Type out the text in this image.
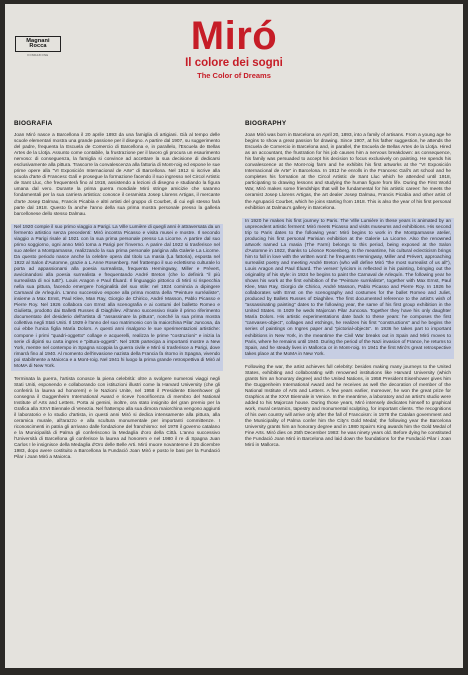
Magnani Rocca
FONDAZIONE	Miró
Il colore dei sogni
The Color of Dreams
BIOGRAFIA

Joan Miró nasce a Barcellona il 20 aprile 1893 da una famiglia di artigiani. Già al tempo delle scuole elementari mostra una grande passione per il disegno. A partire dal 1907, su suggerimento del padre, frequenta la Escuela de Comercio di Barcellona e, in parallelo, l'Escuela de Bellas Artes de la Llotja. Assunto come contabile, la frustrazione per il lavoro gli procura un esaurimento nervoso: di conseguenza, la famiglia si convince ad accettare la sua decisione di dedicarsi esclusivamente alla pittura. Trascorre la convalescenza alla fattoria di Mont-roig ed espone le sue prime opere alla "VI Exposición Internacional de Arte" di Barcellona. Nel 1912 si iscrive alla scuola d'arte di Francesc Galí e prosegue la formazione facendo il suo ingresso nel Circol Artistic de Sant Lluc, che frequenterà fino al 1918, assistendo a lezioni di disegno e studiando la figura umana dal vero. Durante la prima guerra mondiale Miró stringe amicizie che saranno fondamentali per la sua carriera artistica: conosce il ceramista Josep Llorens Artigas, il mercante d'arte Josep Dalmau, Francis Picabia e altri artisti del gruppo di Courbet, di cui egli stesso farà parte dal 1918. Questo fa anche l'anno della sua prima mostra personale presso la galleria barcellonese dello stesso Dalmau.

Nel 1920 compie il suo primo viaggio a Parigi. La Ville Lumière di quegli anni è attraversata da un fermento artistico senza precedenti: Miró incontra Picasso e visita musei e mostre. Il secondo viaggio a Parigi risale al 1921 con la sua prima personale presso La Licorne. A partire dal suo primo soggiorno, ogni anno Miró torna a Parigi per l'inverno. A parire dal 1922 si trasferisce nel suo atelier a Montparnasse, realizzando la sua prima personale parigina alla Galerie La Licorne. Da questo periodo nasce anche la celebre opera dal titolo La masia (La fattoria), esposta nel 1922 al Salon d'Automne, grazie a L.Anne Rosenberg. Nel frattempo il suo eclettismo culturale lo porta ad appassionarsi alla poesia surrealista, frequenta Hemingway, Miller e Prévert, avvicinandosi alla poesia surrealista e frequentando André Breton (che lo definirà "il più surrealista di noi tutti"). Louis Aragon e Paul Éluard. Il linguaggio pittorico di Miró si rispecchia nella sua pittura, facendo emergere l'originalità del suo stile: nel 1924 comincia a dipingere Carnaval de Arlequín. L'anno successivo espone alla prima mostra della "Peinture surréaliste", insieme a Max Ernst, Paul Klee, Man Ray, Giorgio de Chirico, André Masson, Pablo Picasso e Pierre Roy. Nel 1926 collabora con Ernst alla scenografia e ai costumi del balletto Romeo e Giulietta, prodotto dai Balletti Russes di Diaghilev. All'anno successivo risale il primo riferimento documentato del desiderio dell'artista di "assassinare la pittura", nonché la sua prima mostra collettiva negli Stati Uniti. Il 1929 è l'anno del suo matrimonio con la maiorchina Pilar Juncosa, da cui ebbe l'unica figlia María Dolors. A questi anni risalgono le sue sperimentazioni artistiche: compone i primi "quadri-oggetto" collage e acquerelli, realizza le prime "costruzioni" e inizia la serie di dipinti su carta ingres e "pittura-oggetti". Nel 1936 partecipa a importanti mostre a New York, mentre nel contempo in Spagna scoppia la guerra civile e Miró si trasferisce a Parigi, dove rimarrà fino al 1940. Al momento dell'invasione nazista della Francia fa ritorno in Spagna, vivendo poi stabilmente a Maiorca e a Mont-roig. Nel 1941 hi luogo la prima grande retrospettiva di Miró al MoMA di New York.

Terminata la guerra, l'artista conosce la piena celebrità: oltre a svolgere numerosi viaggi negli Stati Uniti, esponendo e collaborando con istituzioni illustri come la Harvard University (che gli conferirà la laurea ad honorem) e le Nazioni Unite, nel 1958 il Presidente Eisenhower gli consegna il Guggenheim International Award e riceve l'onorificenza di membro del National Institute of Arts and Letters. Porta ai gemini, inoltre, ora stato insignito del gran premio per la Grafica alla XXVI Biennale di Venezia. Nel frattempo alla sua dimora maiorchina vengono aggiunti il laboratorio e lo studio d'artista, in questi anni Miró si dedica intensamente alla pittura, alla ceramica murale, all'arazzo e alla scultura monumentale per importanti committenze. I riconoscimenti in patria gli arrivano dalle fondazione del franchismo: nel 1978 il governo catalano e la Municipalità di Palma gli conferiscono la Medaglia d'oro della Città. L'anno successivo l'Università di Barcellona gli conferisce la laurea ad honorem e nel 1980 il re di Spagna Juan Carlos I le insignisce della Medaglia d'Oro delle Belle Arti. Miró muore novantenne il 25 dicembre 1983, dopo avere costituito a Barcellona la Fundació Joan Miró e posto le basi per la Fundació Pilar i Joan Miró a Maiorca.

BIOGRAPHY

Joan Miró was born in Barcelona on April 20, 1893, into a family of artisans. From a young age he begins to show a great passion for drawing. Since 1907, at his father suggestion, he attends the Escuela de Comercio in Barcelona and, in parallel, the Escuela de Bellas Artes de la Llotja. Hired as an accountant, the frustration for his job causes him a nervous breakdown: as consequence, his family was persuaded to accept his decision to focus exclusively on painting. He spends his convalescence at the Mont-roig farm and he exhibits his first artworks at the "VI Exposición Internacional de Arte" in Barcelona. In 1912 he enrolls in the Francesc Galí's art school and he completes his formation at the Circol Artistic de Sant Lluc which he attended until 1918, participating to drawing lessons and studying the human figure from life. During the First World War, Miró makes some friendships that will be fundamental for his artistic career: he meets the ceramist Josep Llorens Artigas, the art dealer Josep Dalmau, Francis Picabia and other artist of the Agrupació Courbet, which he joins starting from 1918. This is also the year of his first personal exhibition at Dalmau's gallery in Barcelona.

In 1920 he makes his first journey to Paris. The Ville Lumière in these years is animated by an unprecedent artistic ferment: Miró meets Picasso and visits museums and exhibitions. His second trip to Paris dates to the following year: Miró begins to work in the Montparnasse atelier, producing his first personal Parisian exhibition at the Galerie La Licorne. Also the renowned artwork named La masia (The Farm) belongs to this period, being exposed at the Salon d'Automne in 1922, thanks to Léonce Rosenberg. In the meantime, his cultural eclecticism brings him to fall in love with the written word: he frequents Hemingway, Miller and Prévert, approaching surrealist poetry and meeting André Breton (who will define Miró "the most surrealist of us all"), Louis Aragon and Paul Éluard. The verses' lyricism is reflected in his painting, bringing out the originality of his style: in 1924 he begins to paint the Carnaval de Arlequín. The following year he shows his work at the first exhibition of the "Peinture surréaliste", together with Max Ernst, Paul Klee, Man Ray, Giorgio de Chirico, André Masson, Pablo Picasso and Pierre Roy. In 1926 he collaborates with Ernst on the scenography and costumes for the ballet Romeo and Juliet, produced by Ballets Russes of Diaghilev. The first documented reference to the artist's wish of "assassinating painting" dates to the following year, the same of his first group exhibition in the United States. In 1929 he weds Majorcan Pilar Juncosa. Together they have his only daughter María Dolors. His artistic experimentations date back to these years: he composes the first "canvases-object", collages and etchings, he realizes his first "constructions" and he begins the series of paintings on Ingres paper and "pictorial-objects". In 1936 he takes part to important exhibitions in New York, in the meantime the Civil War breaks out in Spain and Miró moves to Paris, where he remains until 1940. During the period of the Nazi invasion of France, he returns to Spain, and he steady lives in Mallorca or in Mont-roig. In 1941 the first Miró's great retrospective takes place at the MoMA in New York.

Following the war, the artist achieves full celebrity: besides making many journeys to the United States, exhibiting and collaborating with renowned institutions like Harvard University (which grants him an honorary degree) and the United Nations, in 1958 President Eisenhower gives him the Guggenheim International Award and he receives as well the decoration of member of the National Institute of Arts and Letters. A few years earlier, moreover, he won the great prize for Graphics at the XXVI Biennale in Venice. In the meantime, a laboratory and an artist's studio were added to his Majorcan house. During those years, Miró intensely dedicates himself to graphical work, mural ceramics, tapestry and monumental sculpting, for important clients. The recognitions of his own country will arrive only after the fall of Francoism: in 1978 the Catalan government and the Municipality of Palma confer him the City's Gold Medal; the following year the Barcelona University grants him an honorary degree and in 1980 Spain's King awards him the Gold Medal of Fine Arts. Miró dies on 25th December 1983: he was ninety years old. Before dying he constituted the Fundació Joan Miró in Barcelona and laid down the foundations for the Fundació Pilar i Joan Miró in Mallorca.
